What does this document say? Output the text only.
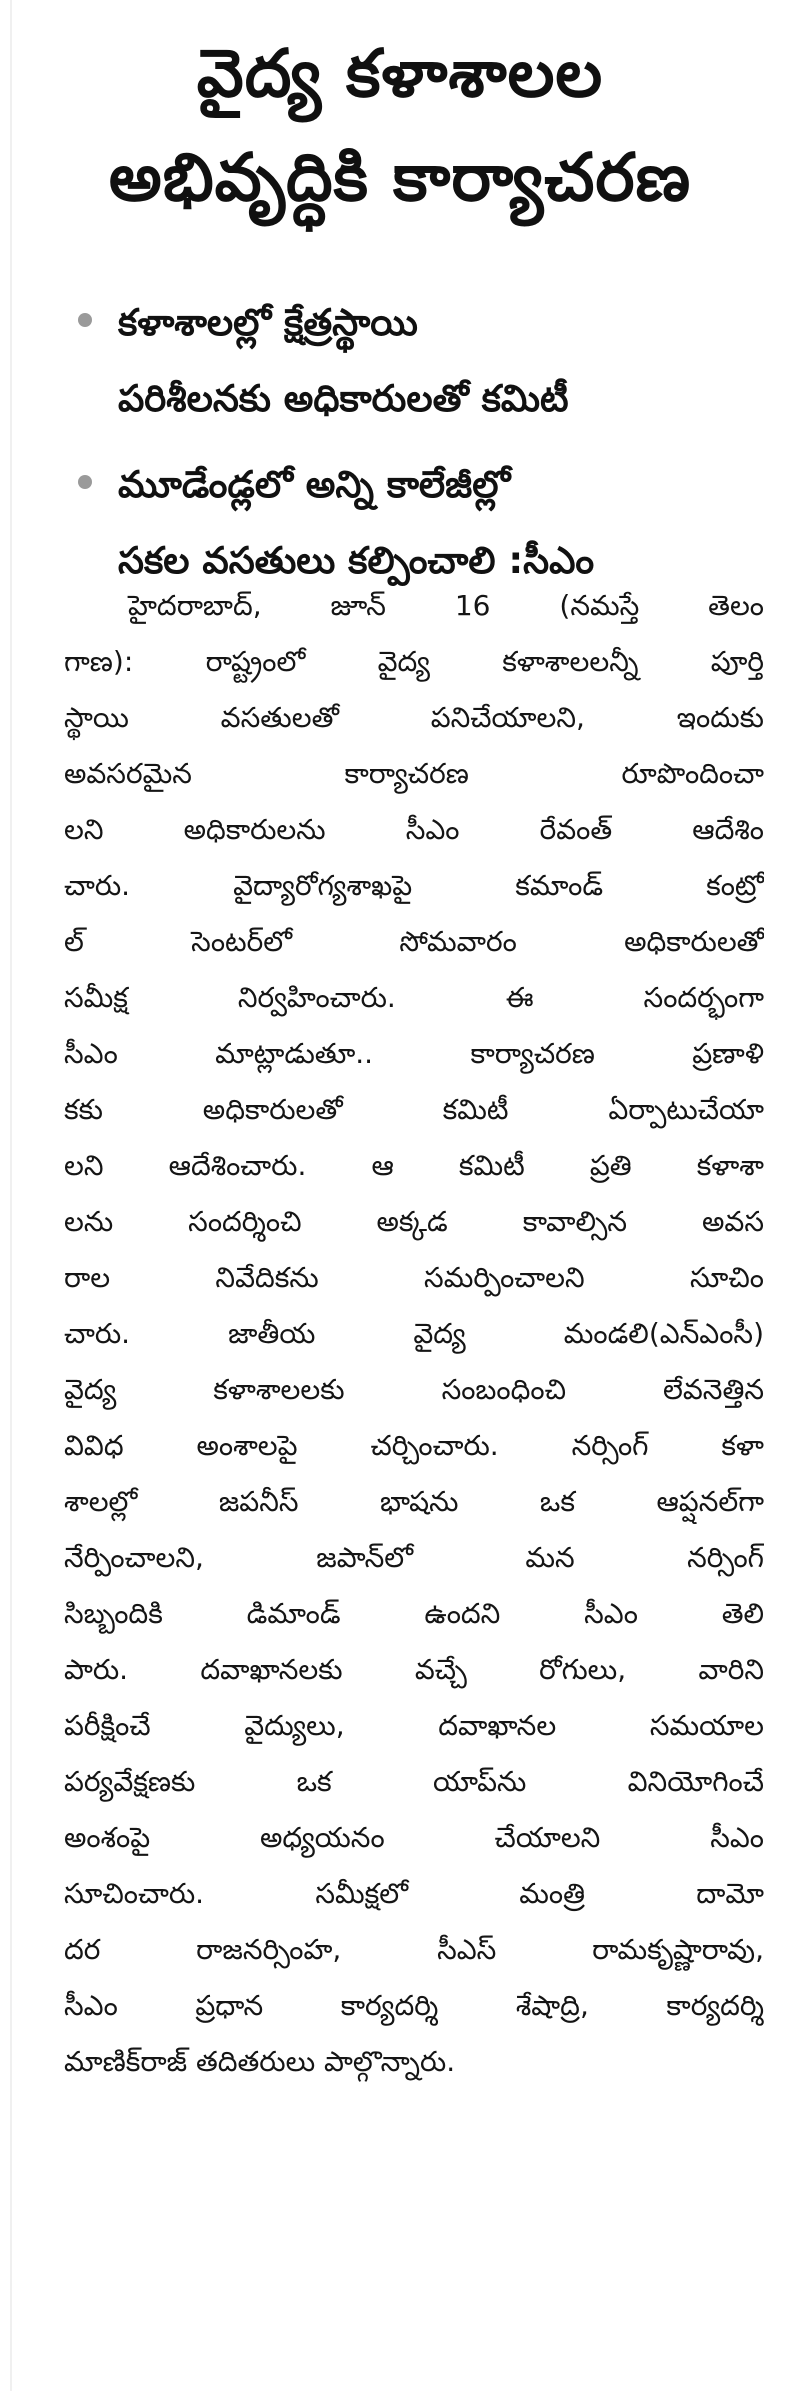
వైద్య కళాశాలల
అభివృద్ధికి కార్యాచరణ
కళాశాలల్లో క్షేత్రస్థాయి
పరిశీలనకు అధికారులతో కమిటీ
మూడేండ్లలో అన్ని కాలేజీల్లో
సకల వసతులు కల్పించాలి :సీఎం
హైదరాబాద్, జూన్ 16 (నమస్తే తెలం
గాణ): రాష్ట్రంలో వైద్య కళాశాలలన్నీ పూర్తి
స్థాయి వసతులతో పనిచేయాలని, ఇందుకు
అవసరమైన కార్యాచరణ రూపొందించా
లని అధికారులను సీఎం రేవంత్ ఆదేశిం
చారు. వైద్యారోగ్యశాఖపై కమాండ్ కంట్రో
ల్ సెంటర్‌లో సోమవారం అధికారులతో
సమీక్ష నిర్వహించారు. ఈ సందర్భంగా
సీఎం మాట్లాడుతూ.. కార్యాచరణ ప్రణాళి
కకు అధికారులతో కమిటీ ఏర్పాటుచేయా
లని ఆదేశించారు. ఆ కమిటీ ప్రతి కళాశా
లను సందర్శించి అక్కడ కావాల్సిన అవస
రాల నివేదికను సమర్పించాలని సూచిం
చారు. జాతీయ వైద్య మండలి(ఎన్‌ఎంసీ)
వైద్య కళాశాలలకు సంబంధించి లేవనెత్తిన
వివిధ అంశాలపై చర్చించారు. నర్సింగ్ కళా
శాలల్లో జపనీస్ భాషను ఒక ఆప్షనల్‌గా
నేర్పించాలని, జపాన్‌లో మన నర్సింగ్
సిబ్బందికి డిమాండ్ ఉందని సీఎం తెలి
పారు. దవాఖానలకు వచ్చే రోగులు, వారిని
పరీక్షించే వైద్యులు, దవాఖానల సమయాల
పర్యవేక్షణకు ఒక యాప్‌ను వినియోగించే
అంశంపై అధ్యయనం చేయాలని సీఎం
సూచించారు. సమీక్షలో మంత్రి దామో
దర రాజనర్సింహ, సీఎస్ రామకృష్ణారావు,
సీఎం ప్రధాన కార్యదర్శి శేషాద్రి, కార్యదర్శి
మాణిక్‌రాజ్ తదితరులు పాల్గొన్నారు.
